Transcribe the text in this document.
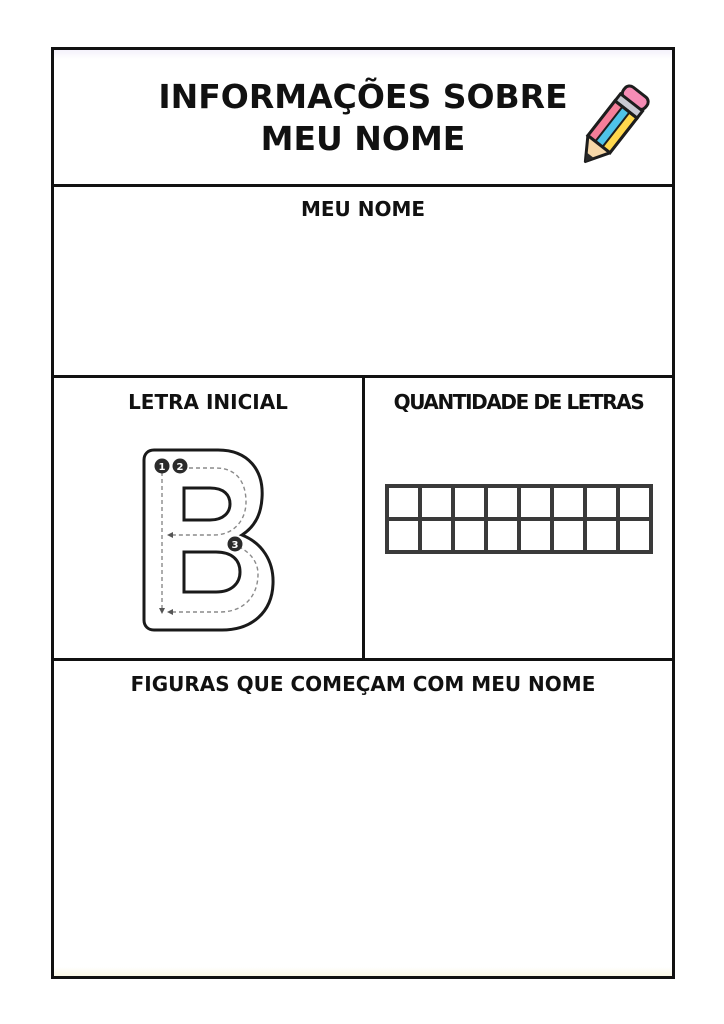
INFORMAÇÕES SOBRE
MEU NOME
MEU NOME
LETRA INICIAL	QUANTIDADE DE LETRAS
1 2
3
FIGURAS QUE COMEÇAM COM MEU NOME
